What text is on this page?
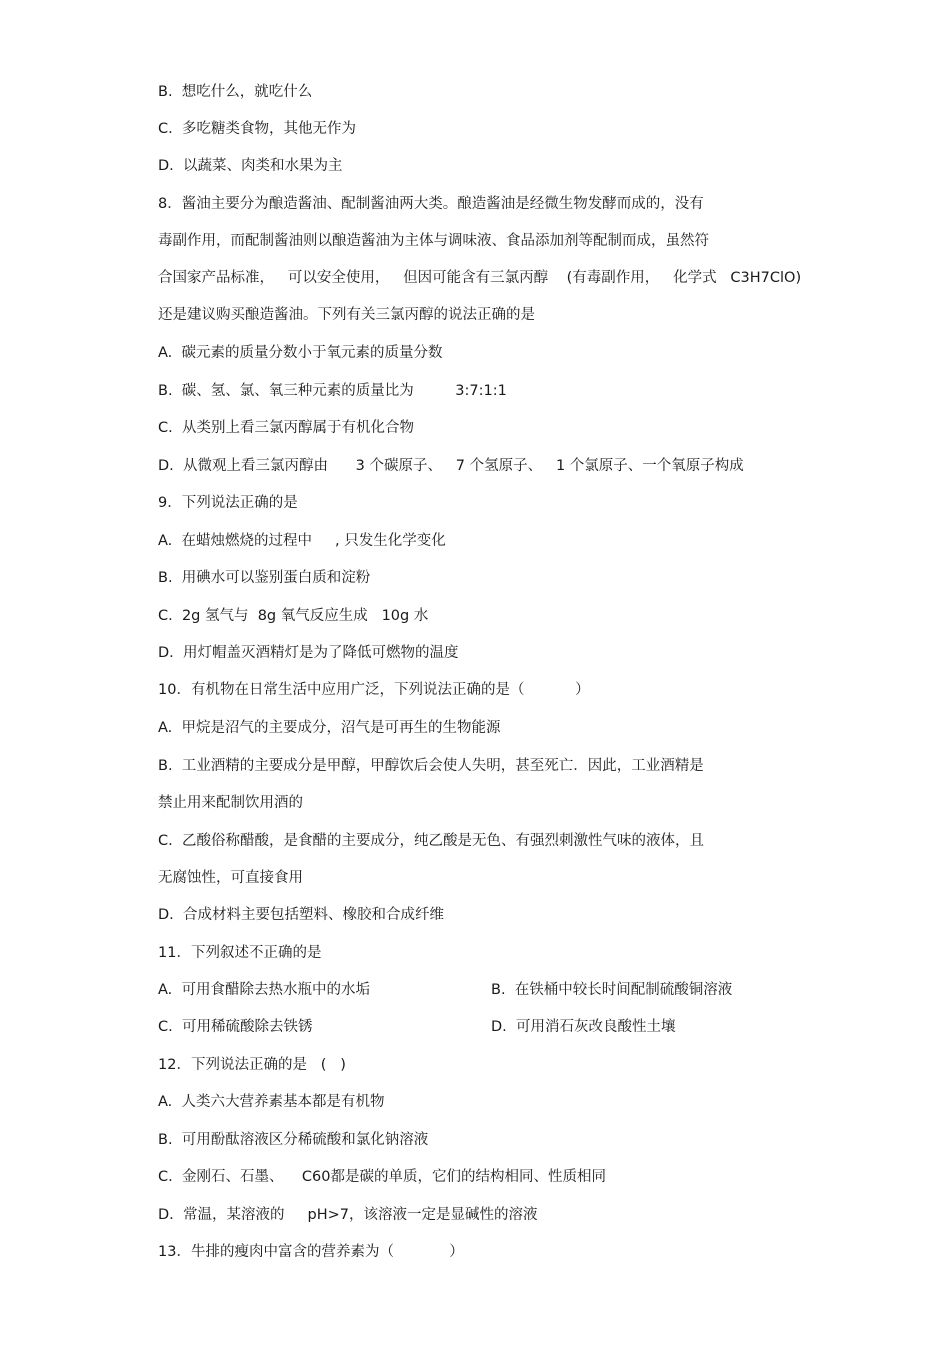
B.  想吃什么，就吃什么
C.  多吃糖类食物，其他无作为
D.  以蔬菜、肉类和水果为主
8．酱油主要分为酿造酱油、配制酱油两大类。酿造酱油是经微生物发酵而成的，没有
毒副作用，而配制酱油则以酿造酱油为主体与调味液、食品添加剂等配制而成，虽然符
合国家产品标准，   可以安全使用，   但因可能含有三氯丙醇    (有毒副作用，   化学式   C3H7ClO)
还是建议购买酿造酱油。下列有关三氯丙醇的说法正确的是
A.  碳元素的质量分数小于氧元素的质量分数
B.  碳、氢、氯、氧三种元素的质量比为         3:7:1:1
C.  从类别上看三氯丙醇属于有机化合物
D.  从微观上看三氯丙醇由      3 个碳原子、   7 个氢原子、   1 个氯原子、一个氧原子构成
9．下列说法正确的是
A.  在蜡烛燃烧的过程中     , 只发生化学变化
B.  用碘水可以鉴别蛋白质和淀粉
C.  2g 氢气与  8g 氧气反应生成   10g 水
D.  用灯帽盖灭酒精灯是为了降低可燃物的温度
10．有机物在日常生活中应用广泛，下列说法正确的是（           ）
A.  甲烷是沼气的主要成分，沼气是可再生的生物能源
B.  工业酒精的主要成分是甲醇，甲醇饮后会使人失明，甚至死亡．因此，工业酒精是
禁止用来配制饮用酒的
C.  乙酸俗称醋酸，是食醋的主要成分，纯乙酸是无色、有强烈刺激性气味的液体，且
无腐蚀性，可直接食用
D.  合成材料主要包括塑料、橡胶和合成纤维
11．下列叙述不正确的是
A.  可用食醋除去热水瓶中的水垢	B.  在铁桶中较长时间配制硫酸铜溶液
C.  可用稀硫酸除去铁锈	D.  可用消石灰改良酸性土壤
12．下列说法正确的是   (   )
A.  人类六大营养素基本都是有机物
B.  可用酚酞溶液区分稀硫酸和氯化钠溶液
C.  金刚石、石墨、    C60都是碳的单质，它们的结构相同、性质相同
D.  常温，某溶液的     pH>7，该溶液一定是显碱性的溶液
13．牛排的瘦肉中富含的营养素为（            ）
